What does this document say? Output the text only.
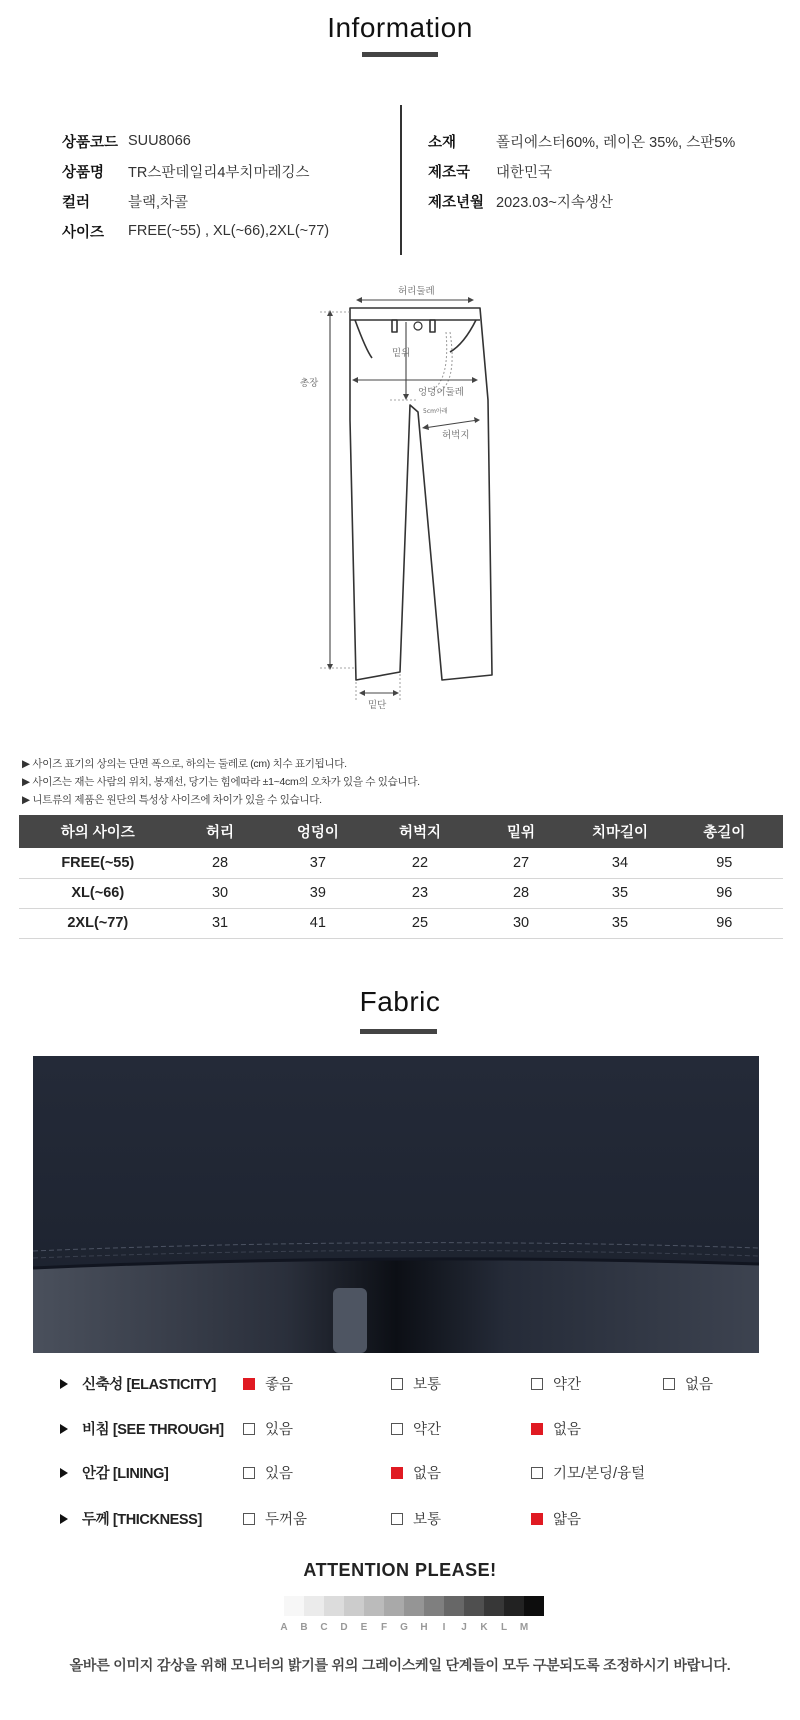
Information
상품코드 SUU8066
상품명	TR스판데일리4부치마레깅스
컬러	블랙,차콜
사이즈	FREE(~55) , XL(~66),2XL(~77)
소재	폴리에스터60%, 레이온 35%, 스판5%
제조국	대한민국
제조년월 2023.03~지속생산
허리둘레
총장
밑위
엉덩이둘레
5cm아래
허벅지
밑단
▶ 사이즈 표기의 상의는 단면 폭으로, 하의는 둘레로 (cm) 치수 표기됩니다.
▶ 사이즈는 재는 사람의 위치, 봉재선, 당기는 힘에따라 ±1~4cm의 오차가 있을 수 있습니다.
▶ 니트류의 제품은 원단의 특성상 사이즈에 차이가 있을 수 있습니다.
하의 사이즈	허리	엉덩이	허벅지	밑위	치마길이	총길이
FREE(~55)	28	37	22	27	34	95
XL(~66)	30	39	23	28	35	96
2XL(~77)	31	41	25	30	35	96
Fabric
신축성 [ELASTICITY]	좋음	보통	약간	없음
비침 [SEE THROUGH]	있음	약간	없음
안감 [LINING]	있음	없음	기모/본딩/융털
두께 [THICKNESS]	두꺼움	보통	얇음
ATTENTION PLEASE!
A	B	C	D	E	F	G	H	I	J	K	L	M
올바른 이미지 감상을 위해 모니터의 밝기를 위의 그레이스케일 단계들이 모두 구분되도록 조정하시기 바랍니다.
